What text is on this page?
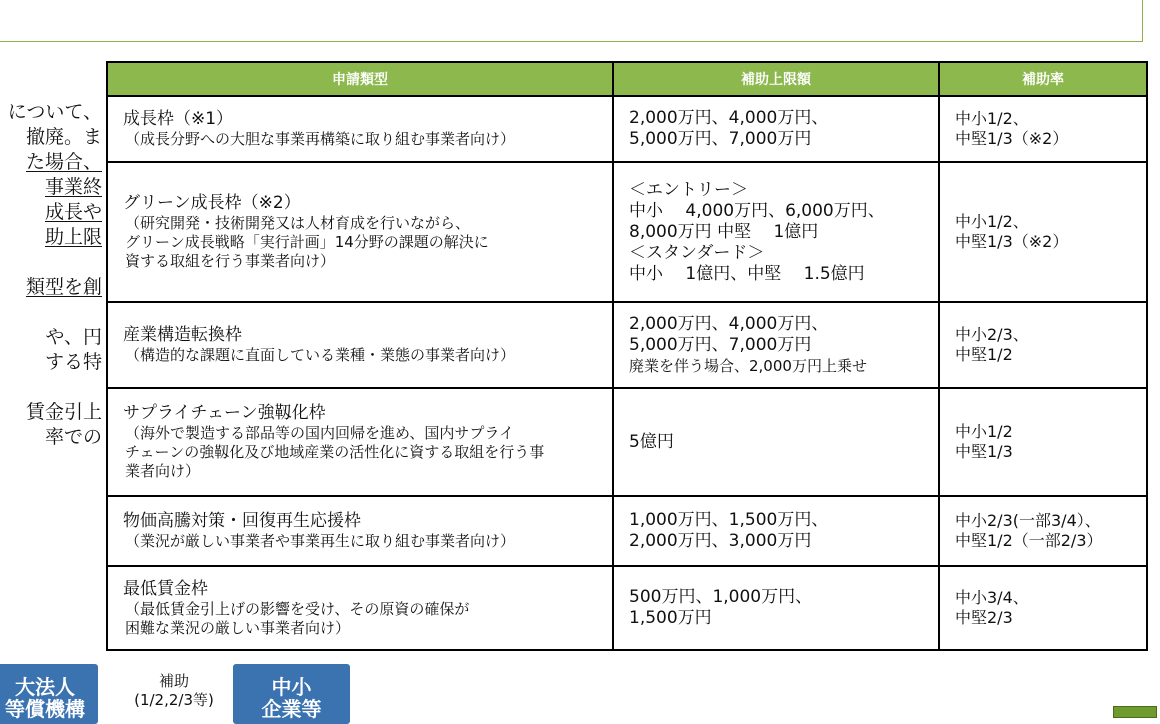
について、
撤廃。ま
た場合、
事業終
成長や
助上限

類型を創

や、円
する特

賃金引上
率での
申請類型	補助上限額	補助率

成長枠（※1）
（成長分野への大胆な事業再構築に取り組む事業者向け）	2,000万円、4,000万円、
5,000万円、7,000万円	中小1/2、
中堅1/3（※2）

グリーン成長枠（※2）
（研究開発・技術開発又は人材育成を行いながら、
グリーン成長戦略「実行計画」14分野の課題の解決に
資する取組を行う事業者向け）	＜エントリー＞
中小　 4,000万円、6,000万円、
8,000万円 中堅　 1億円
＜スタンダード＞
中小　 1億円、中堅　 1.5億円	中小1/2、
中堅1/3（※2）

産業構造転換枠
（構造的な課題に直面している業種・業態の事業者向け）	2,000万円、4,000万円、
5,000万円、7,000万円
廃業を伴う場合、2,000万円上乗せ	中小2/3、
中堅1/2

サプライチェーン強靱化枠
（海外で製造する部品等の国内回帰を進め、国内サプライ
チェーンの強靱化及び地域産業の活性化に資する取組を行う事
業者向け）	5億円	中小1/2
中堅1/3

物価高騰対策・回復再生応援枠
（業況が厳しい事業者や事業再生に取り組む事業者向け）	1,000万円、1,500万円、
2,000万円、3,000万円	中小2/3(一部3/4）、
中堅1/2（一部2/3）

最低賃金枠
（最低賃金引上げの影響を受け、その原資の確保が
困難な業況の厳しい事業者向け）	500万円、1,000万円、
1,500万円	中小3/4、
中堅2/3
大法人
等償機構
補助
(1/2,2/3等)
中小
企業等
